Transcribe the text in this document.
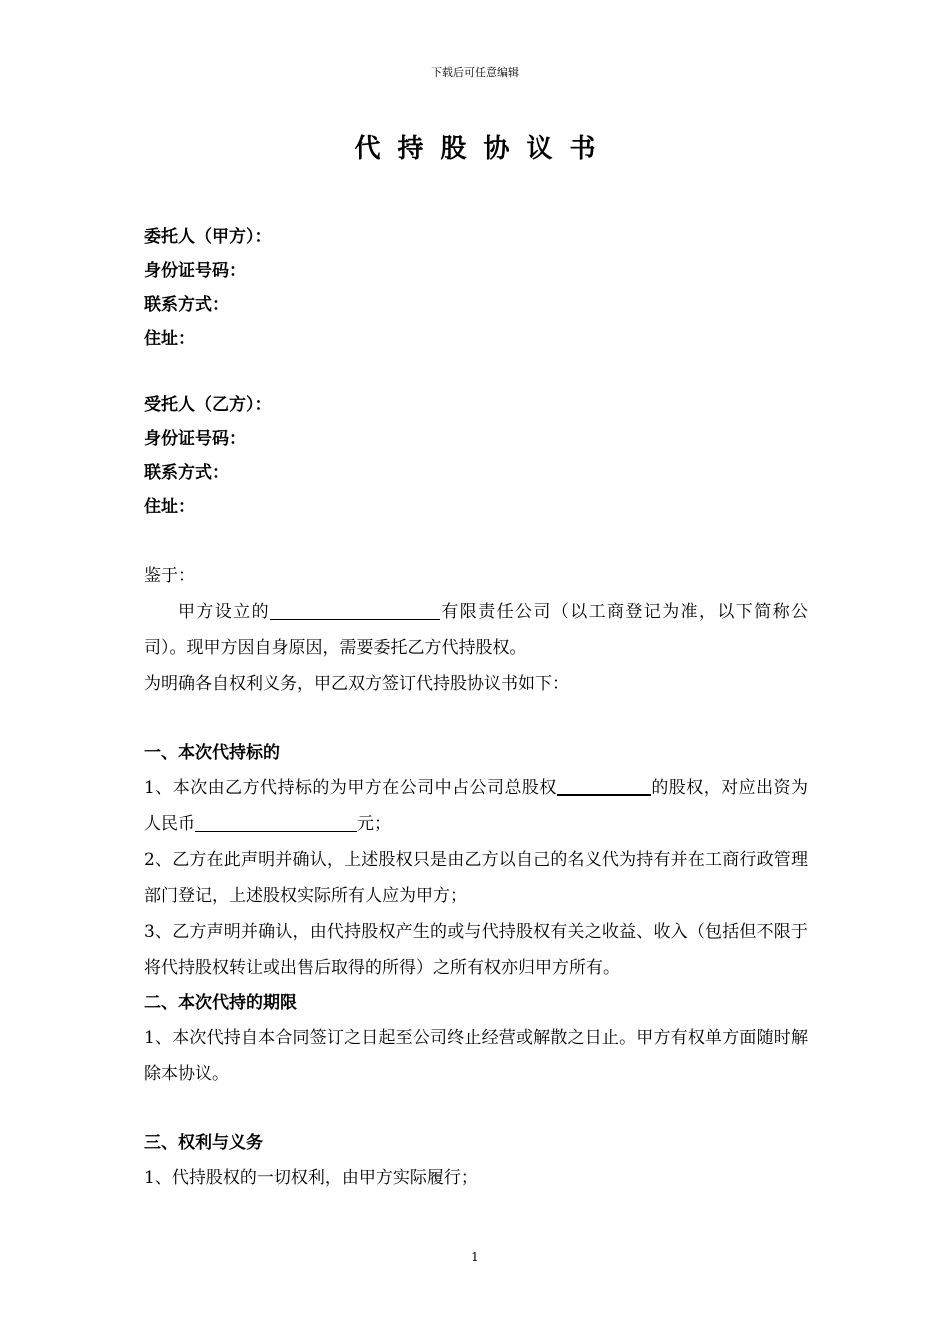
下载后可任意编辑
代持股协议书
委托人（甲方）：
身份证号码：
联系方式：
住址：
受托人（乙方）：
身份证号码：
联系方式：
住址：
鉴于：
甲方设立的	有限责任公司（以工商登记为准，以下简称公司）。现甲方因自身原因，需要委托乙方代持股权。
为明确各自权利义务，甲乙双方签订代持股协议书如下：
一、本次代持标的
1、本次由乙方代持标的为甲方在公司中占公司总股权	的股权，对应出资为人民币	元；
2、乙方在此声明并确认，上述股权只是由乙方以自己的名义代为持有并在工商行政管理部门登记，上述股权实际所有人应为甲方；
3、乙方声明并确认，由代持股权产生的或与代持股权有关之收益、收入（包括但不限于将代持股权转让或出售后取得的所得）之所有权亦归甲方所有。
二、本次代持的期限
1、本次代持自本合同签订之日起至公司终止经营或解散之日止。甲方有权单方面随时解除本协议。
三、权利与义务
1、代持股权的一切权利，由甲方实际履行；
1
